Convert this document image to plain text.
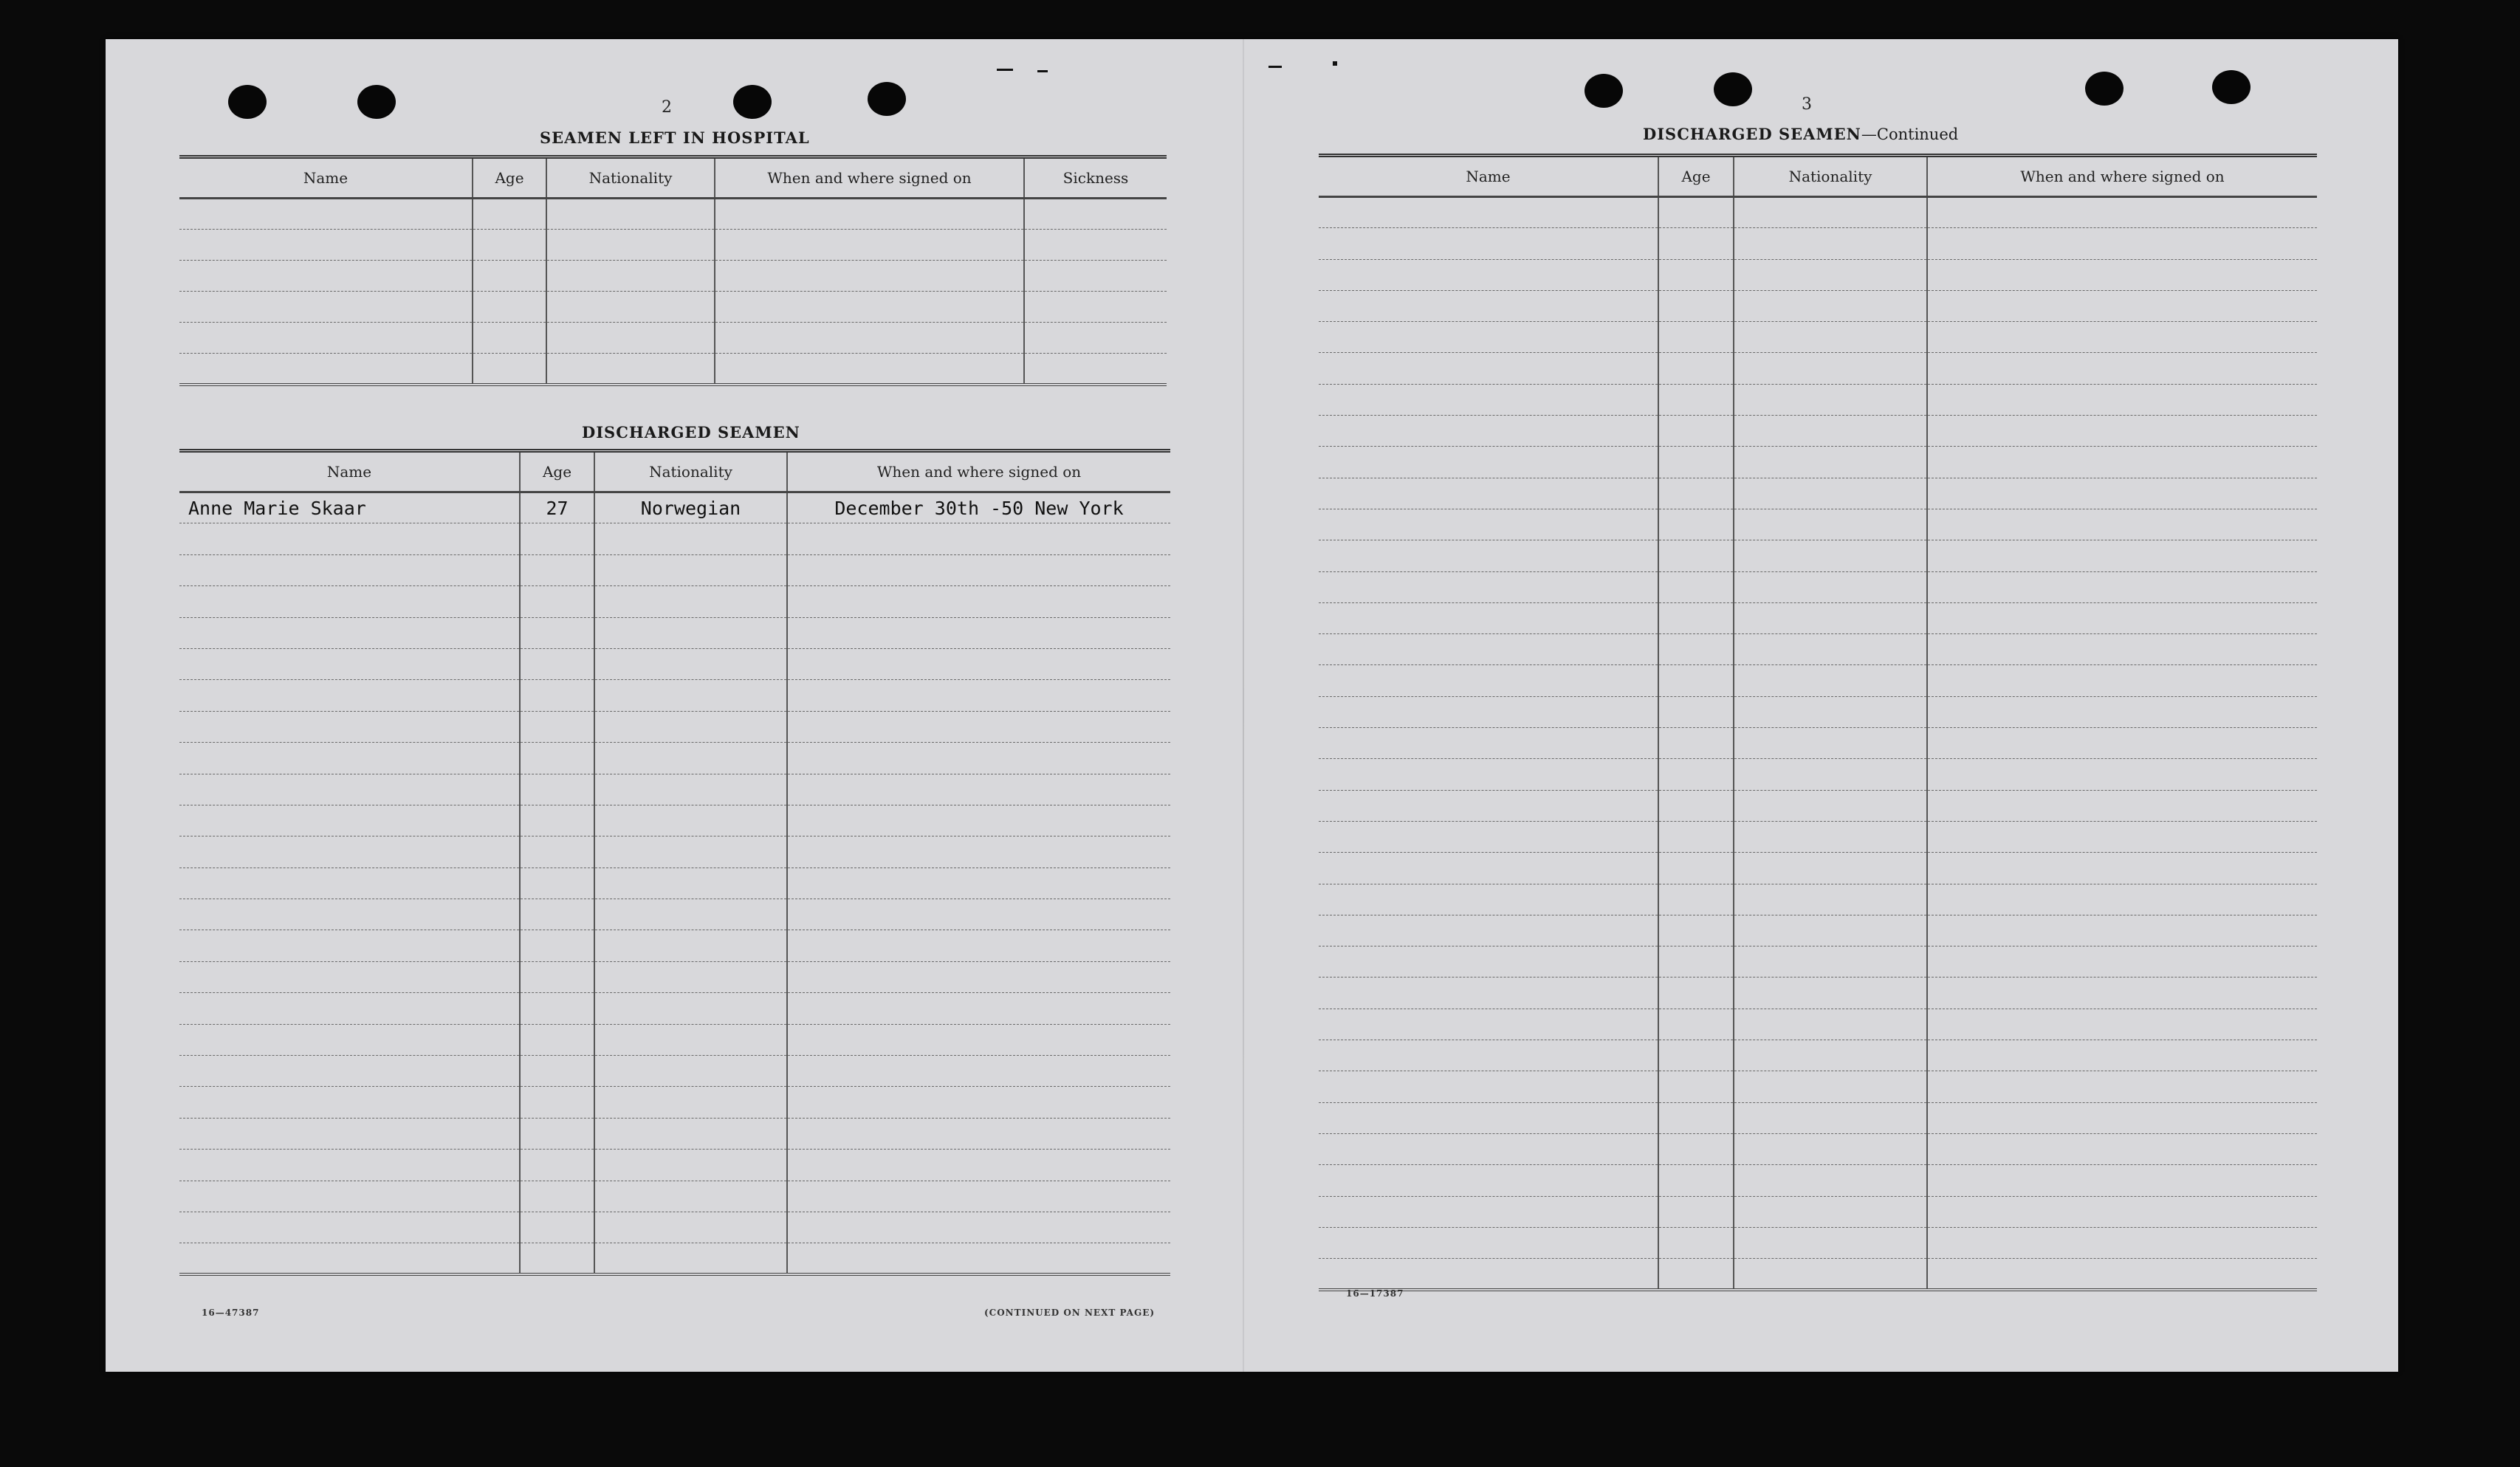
2
SEAMEN LEFT IN HOSPITAL
Name	Age	Nationality	When and where signed on	Sickness

DISCHARGED SEAMEN
Name	Age	Nationality	When and where signed on
Anne Marie Skaar	27	Norwegian	December 30th -50 New York

16—47387	(CONTINUED ON NEXT PAGE)
3
DISCHARGED SEAMEN—Continued
Name	Age	Nationality	When and where signed on

16—17387
